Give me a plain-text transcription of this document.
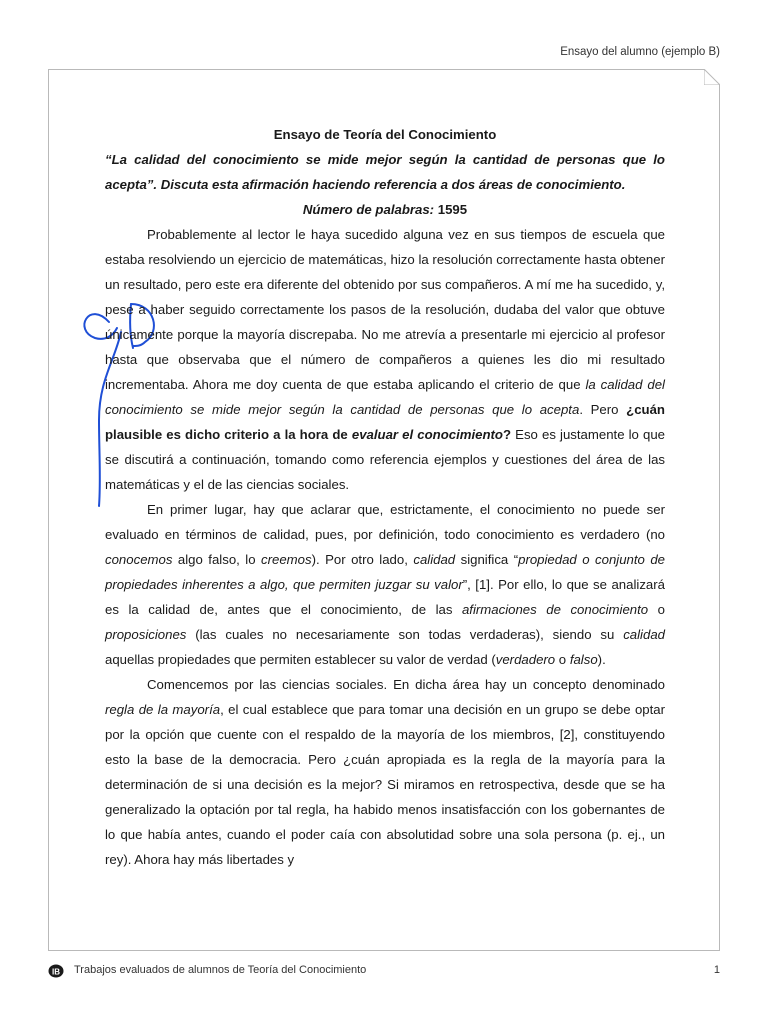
Ensayo del alumno (ejemplo B)

Ensayo de Teoría del Conocimiento

“La calidad del conocimiento se mide mejor según la cantidad de personas que lo acepta”. Discuta esta afirmación haciendo referencia a dos áreas de conocimiento.

Número de palabras: 1595

Probablemente al lector le haya sucedido alguna vez en sus tiempos de escuela que estaba resolviendo un ejercicio de matemáticas, hizo la resolución correctamente hasta obtener un resultado, pero este era diferente del obtenido por sus compañeros. A mí me ha sucedido, y, pese a haber seguido correctamente los pasos de la resolución, dudaba del valor que obtuve únicamente porque la mayoría discrepaba. No me atrevía a presentarle mi ejercicio al profesor hasta que observaba que el número de compañeros a quienes les dio mi resultado incrementaba. Ahora me doy cuenta de que estaba aplicando el criterio de que la calidad del conocimiento se mide mejor según la cantidad de personas que lo acepta. Pero ¿cuán plausible es dicho criterio a la hora de evaluar el conocimiento? Eso es justamente lo que se discutirá a continuación, tomando como referencia ejemplos y cuestiones del área de las matemáticas y el de las ciencias sociales.

En primer lugar, hay que aclarar que, estrictamente, el conocimiento no puede ser evaluado en términos de calidad, pues, por definición, todo conocimiento es verdadero (no conocemos algo falso, lo creemos). Por otro lado, calidad significa “propiedad o conjunto de propiedades inherentes a algo, que permiten juzgar su valor”, [1]. Por ello, lo que se analizará es la calidad de, antes que el conocimiento, de las afirmaciones de conocimiento o proposiciones (las cuales no necesariamente son todas verdaderas), siendo su calidad aquellas propiedades que permiten establecer su valor de verdad (verdadero o falso).

Comencemos por las ciencias sociales. En dicha área hay un concepto denominado regla de la mayoría, el cual establece que para tomar una decisión en un grupo se debe optar por la opción que cuente con el respaldo de la mayoría de los miembros, [2], constituyendo esto la base de la democracia. Pero ¿cuán apropiada es la regla de la mayoría para la determinación de si una decisión es la mejor? Si miramos en retrospectiva, desde que se ha generalizado la optación por tal regla, ha habido menos insatisfacción con los gobernantes de lo que había antes, cuando el poder caía con absolutidad sobre una sola persona (p. ej., un rey). Ahora hay más libertades y

IB Trabajos evaluados de alumnos de Teoría del Conocimiento	1
